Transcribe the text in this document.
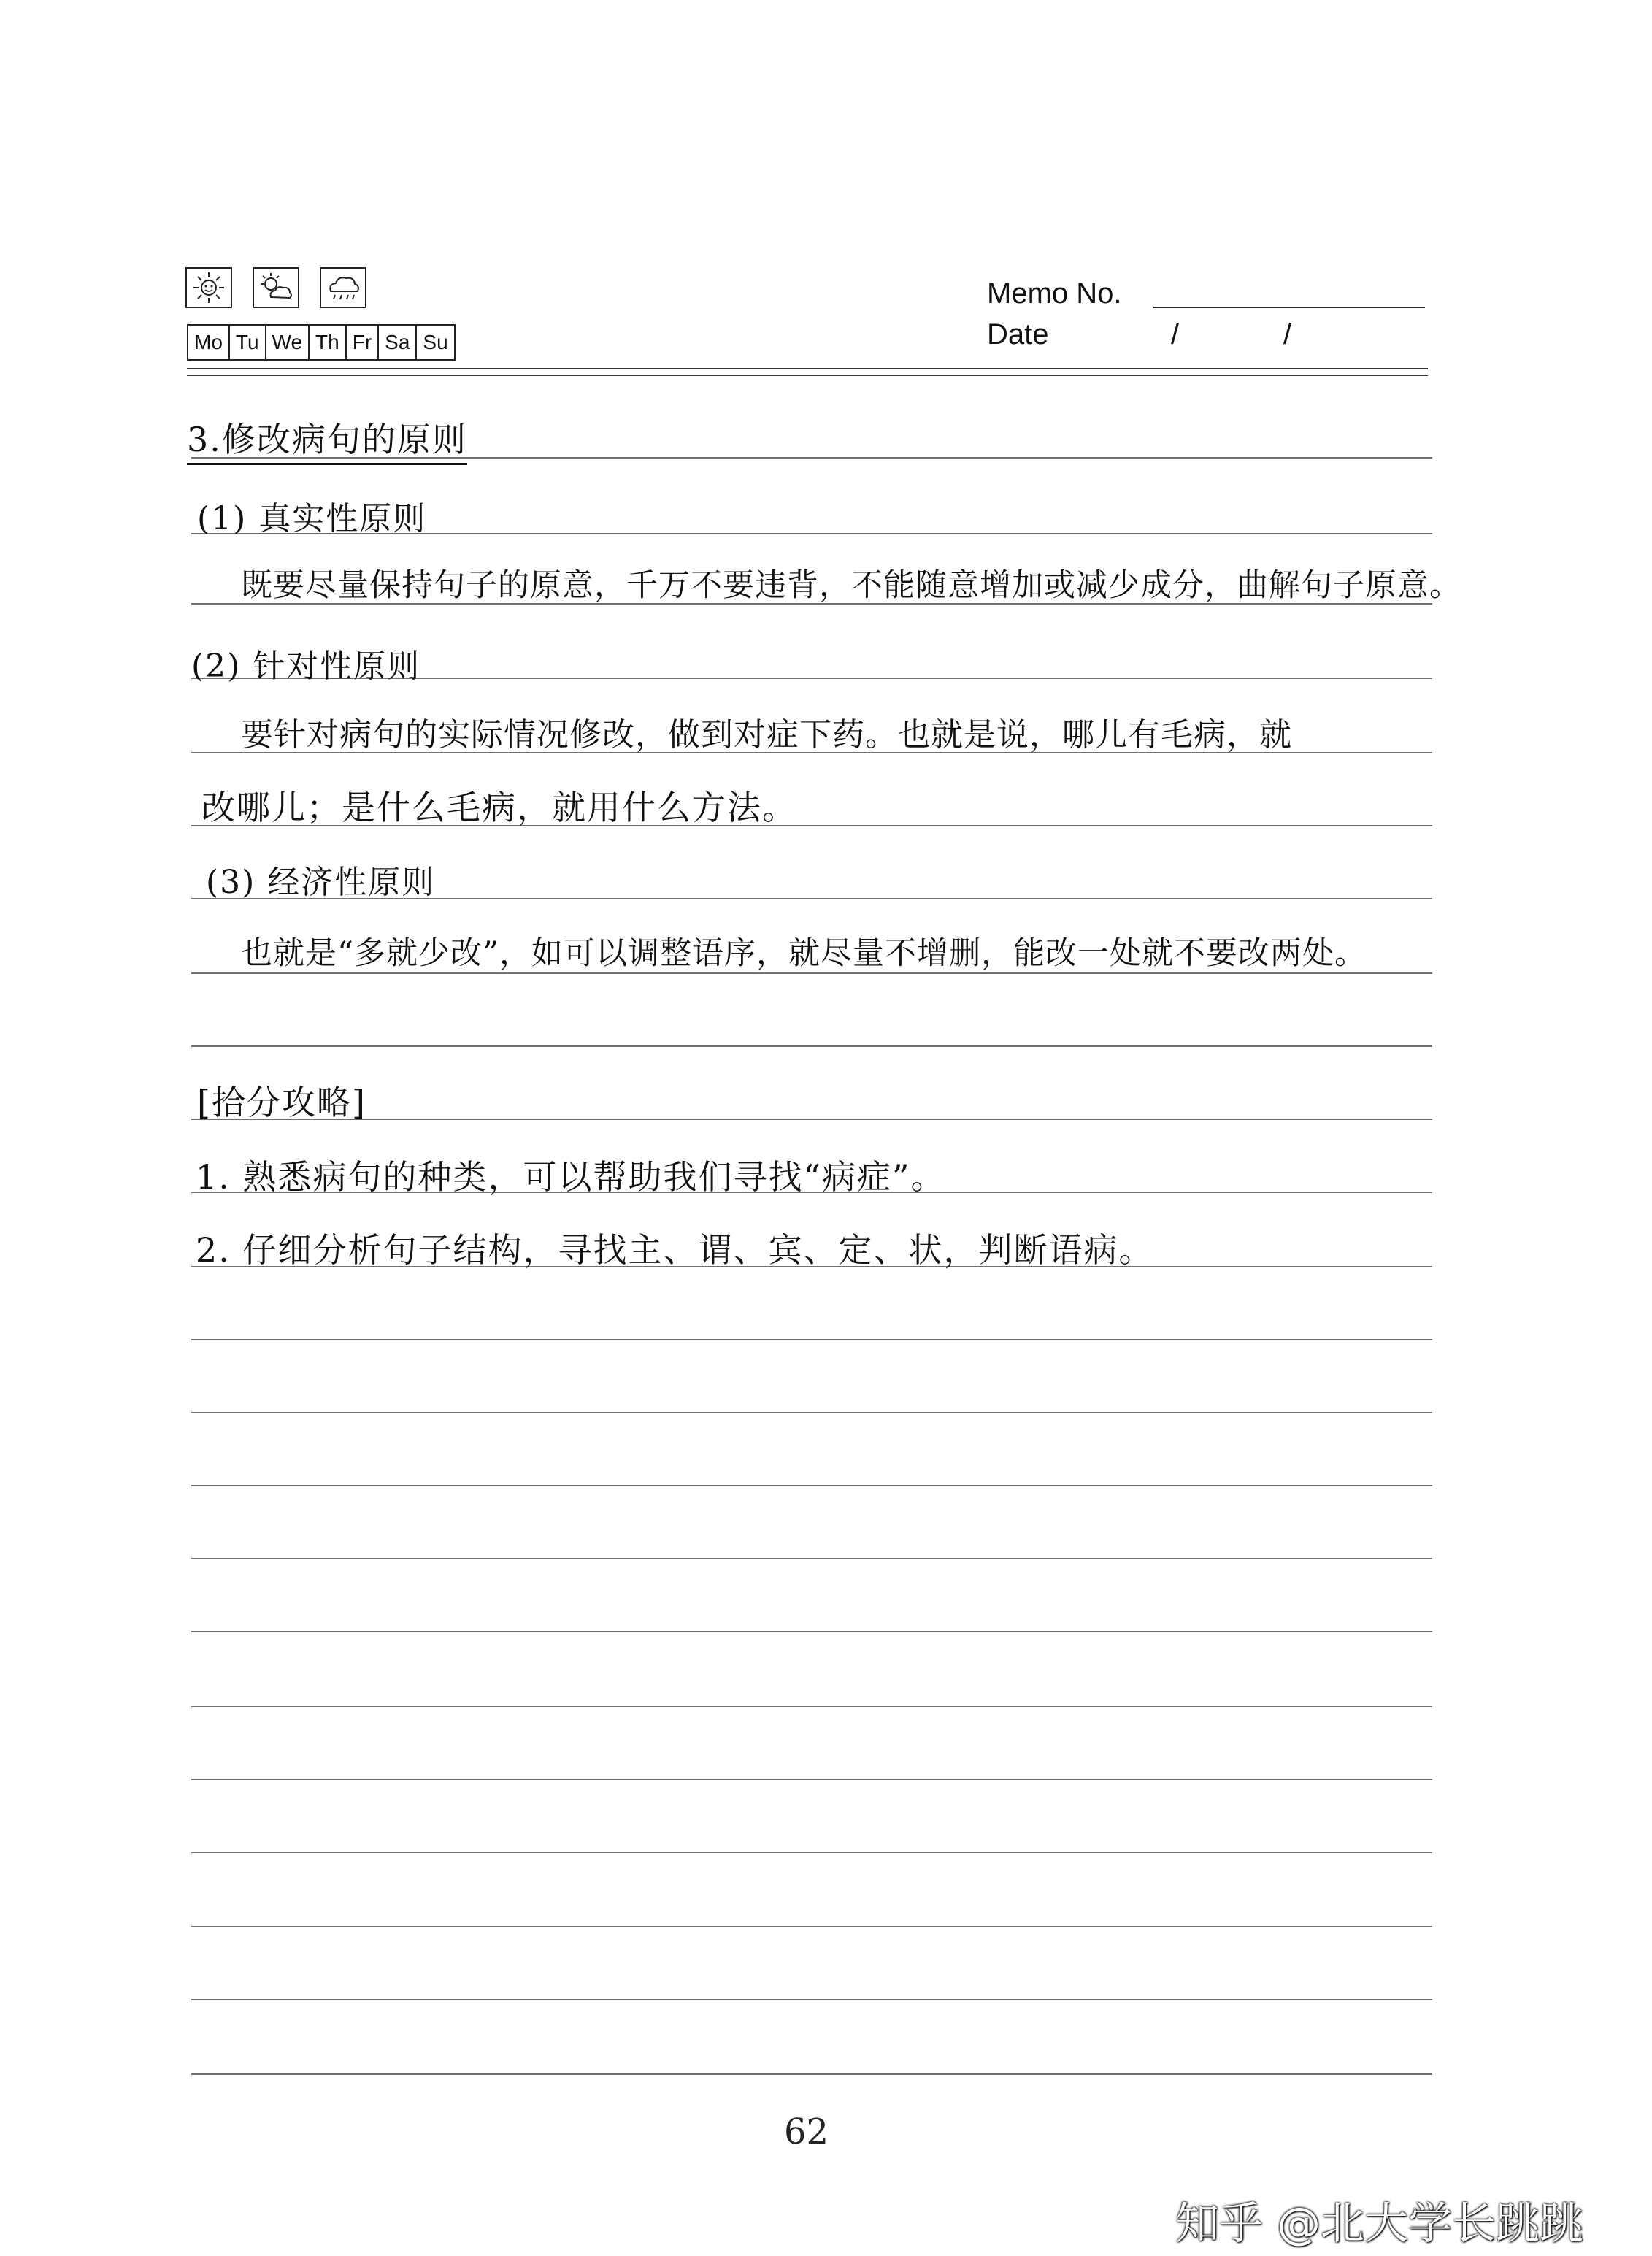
Mo Tu We Th Fr Sa Su
Memo No.
Date	/	/
3.修改病句的原则
(1) 真实性原则
既要尽量保持句子的原意，千万不要违背，不能随意增加或减少成分，曲解句子原意。
(2) 针对性原则
要针对病句的实际情况修改，做到对症下药。也就是说，哪儿有毛病，就
改哪儿；是什么毛病，就用什么方法。
(3) 经济性原则
也就是“多就少改”，如可以调整语序，就尽量不增删，能改一处就不要改两处。
[拾分攻略]
1. 熟悉病句的种类，可以帮助我们寻找“病症”。
2. 仔细分析句子结构，寻找主、谓、宾、定、状，判断语病。
62
知乎 @北大学长跳跳
